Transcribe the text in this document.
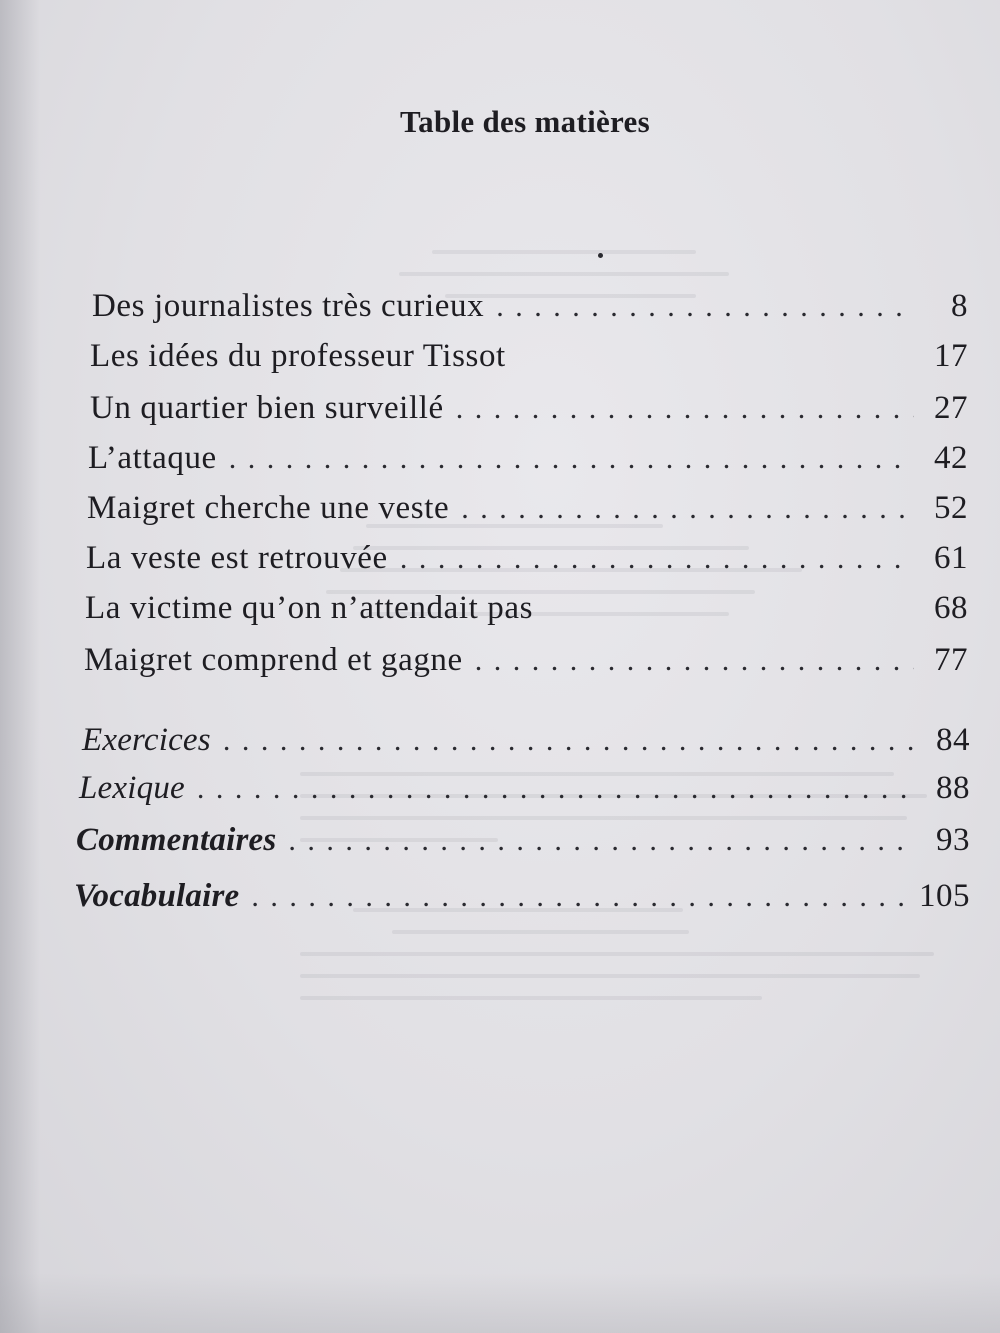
Table des matières
Des journalistes très curieux . . .	8
Les idées du professeur Tissot	17
Un quartier bien surveillé . . .	27
L’attaque . . .	42
Maigret cherche une veste . . .	52
La veste est retrouvée . . .	61
La victime qu’on n’attendait pas	68
Maigret comprend et gagne . . .	77
Exercices . . .	84
Lexique . . .	88
Commentaires . . .	93
Vocabulaire . . .	105
